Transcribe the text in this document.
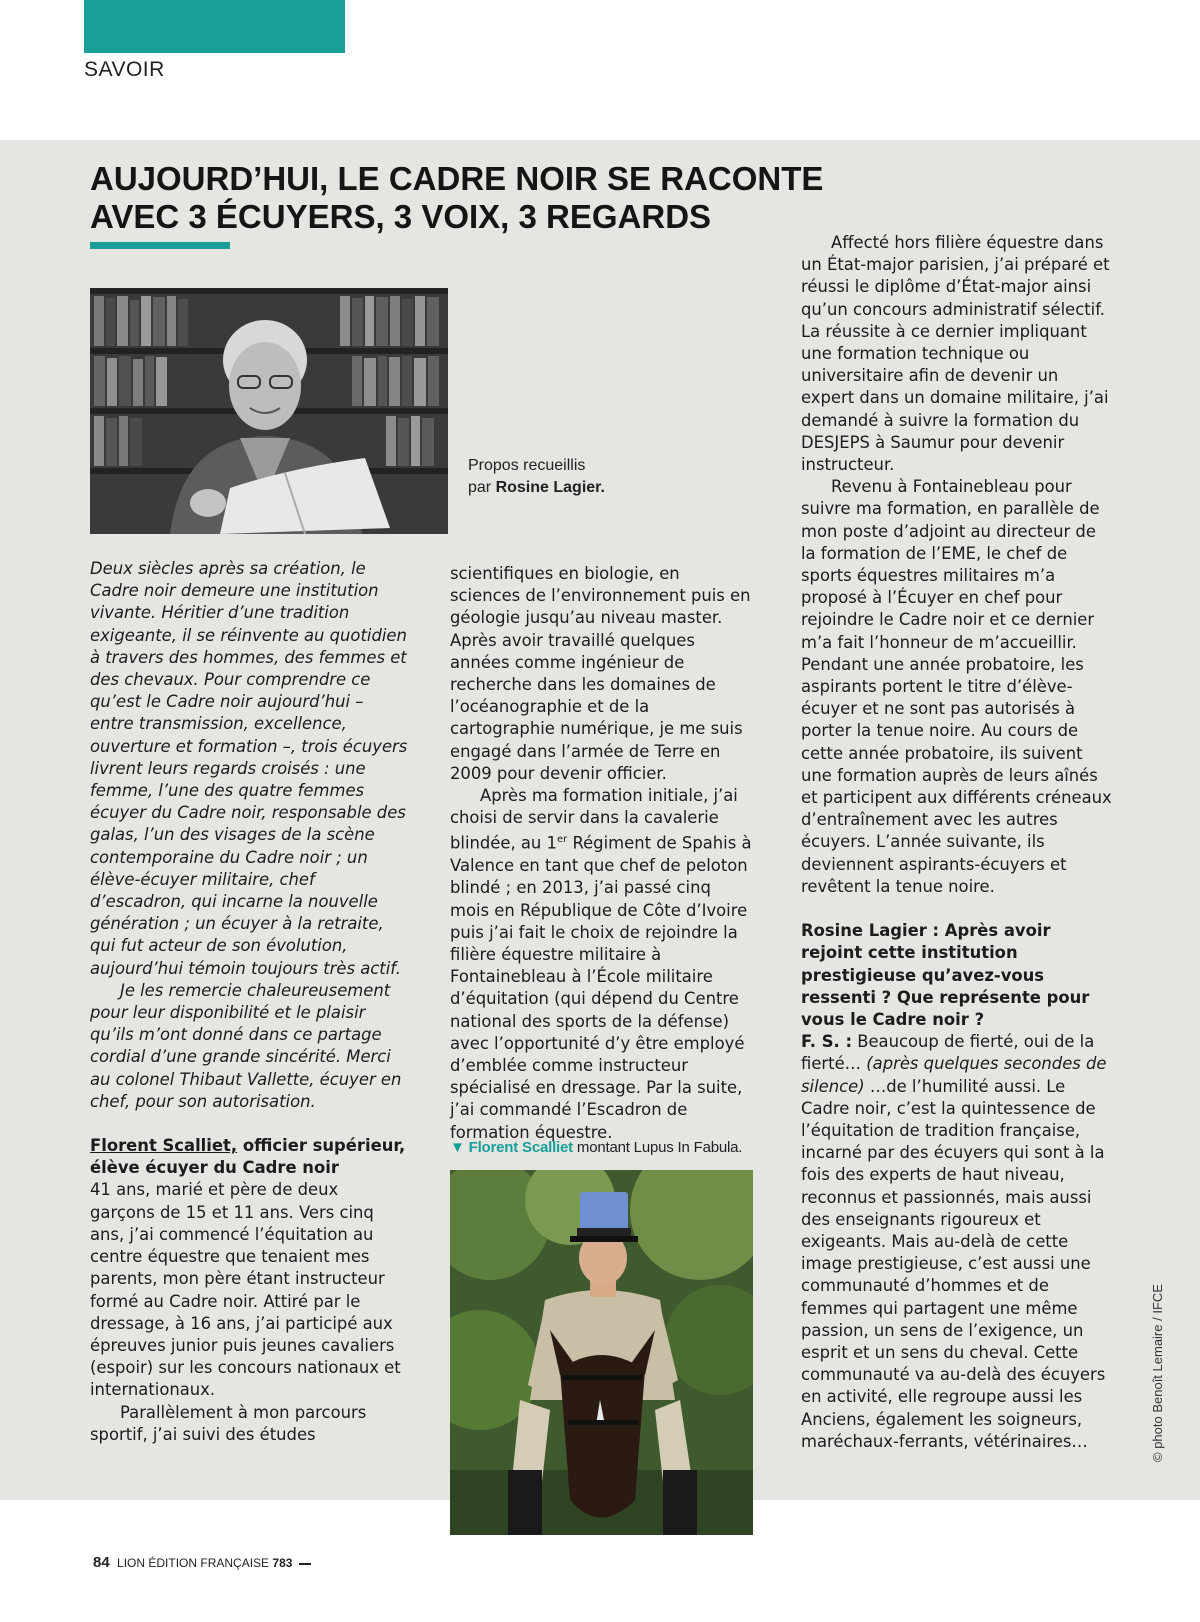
SAVOIR
AUJOURD’HUI, LE CADRE NOIR SE RACONTE
AVEC 3 ÉCUYERS, 3 VOIX, 3 REGARDS
Propos recueillis
par Rosine Lagier.

Deux siècles après sa création, le Cadre noir demeure une institution vivante. Héritier d’une tradition exigeante, il se réinvente au quotidien à travers des hommes, des femmes et des chevaux. Pour comprendre ce qu’est le Cadre noir aujourd’hui – entre transmission, excellence, ouverture et formation –, trois écuyers livrent leurs regards croisés : une femme, l’une des quatre femmes écuyer du Cadre noir, responsable des galas, l’un des visages de la scène contemporaine du Cadre noir ; un élève-écuyer militaire, chef d’escadron, qui incarne la nouvelle génération ; un écuyer à la retraite, qui fut acteur de son évolution, aujourd’hui témoin toujours très actif.

Je les remercie chaleureusement pour leur disponibilité et le plaisir qu’ils m’ont donné dans ce partage cordial d’une grande sincérité. Merci au colonel Thibaut Vallette, écuyer en chef, pour son autorisation.

Florent Scalliet, officier supérieur, élève écuyer du Cadre noir

41 ans, marié et père de deux garçons de 15 et 11 ans. Vers cinq ans, j’ai commencé l’équitation au centre équestre que tenaient mes parents, mon père étant instructeur formé au Cadre noir. Attiré par le dressage, à 16 ans, j’ai participé aux épreuves junior puis jeunes cavaliers (espoir) sur les concours nationaux et internationaux.

Parallèlement à mon parcours sportif, j’ai suivi des études

scientifiques en biologie, en sciences de l’environnement puis en géologie jusqu’au niveau master. Après avoir travaillé quelques années comme ingénieur de recherche dans les domaines de l’océanographie et de la cartographie numérique, je me suis engagé dans l’armée de Terre en 2009 pour devenir officier.

Après ma formation initiale, j’ai choisi de servir dans la cavalerie blindée, au 1er Régiment de Spahis à Valence en tant que chef de peloton blindé ; en 2013, j’ai passé cinq mois en République de Côte d’Ivoire puis j’ai fait le choix de rejoindre la filière équestre militaire à Fontainebleau à l’École militaire d’équitation (qui dépend du Centre national des sports de la défense) avec l’opportunité d’y être employé d’emblée comme instructeur spécialisé en dressage. Par la suite, j’ai commandé l’Escadron de formation équestre.

▼ Florent Scalliet montant Lupus In Fabula.

Affecté hors filière équestre dans un État-major parisien, j’ai préparé et réussi le diplôme d’État-major ainsi qu’un concours administratif sélectif. La réussite à ce dernier impliquant une formation technique ou universitaire afin de devenir un expert dans un domaine militaire, j’ai demandé à suivre la formation du DESJEPS à Saumur pour devenir instructeur.

Revenu à Fontainebleau pour suivre ma formation, en parallèle de mon poste d’adjoint au directeur de la formation de l’EME, le chef de sports équestres militaires m’a proposé à l’Écuyer en chef pour rejoindre le Cadre noir et ce dernier m’a fait l’honneur de m’accueillir. Pendant une année probatoire, les aspirants portent le titre d’élève-écuyer et ne sont pas autorisés à porter la tenue noire. Au cours de cette année probatoire, ils suivent une formation auprès de leurs aînés et participent aux différents créneaux d’entraînement avec les autres écuyers. L’année suivante, ils deviennent aspirants-écuyers et revêtent la tenue noire.

Rosine Lagier : Après avoir rejoint cette institution prestigieuse qu’avez-vous ressenti ? Que représente pour vous le Cadre noir ?

F. S. : Beaucoup de fierté, oui de la fierté… (après quelques secondes de silence) …de l’humilité aussi. Le Cadre noir, c’est la quintessence de l’équitation de tradition française, incarné par des écuyers qui sont à la fois des experts de haut niveau, reconnus et passionnés, mais aussi des enseignants rigoureux et exigeants. Mais au-delà de cette image prestigieuse, c’est aussi une communauté d’hommes et de femmes qui partagent une même passion, un sens de l’exigence, un esprit et un sens du cheval. Cette communauté va au-delà des écuyers en activité, elle regroupe aussi les Anciens, également les soigneurs, maréchaux-ferrants, vétérinaires…	© photo Benoît Lemaire / IFCE
84 LION ÉDITION FRANÇAISE 783
